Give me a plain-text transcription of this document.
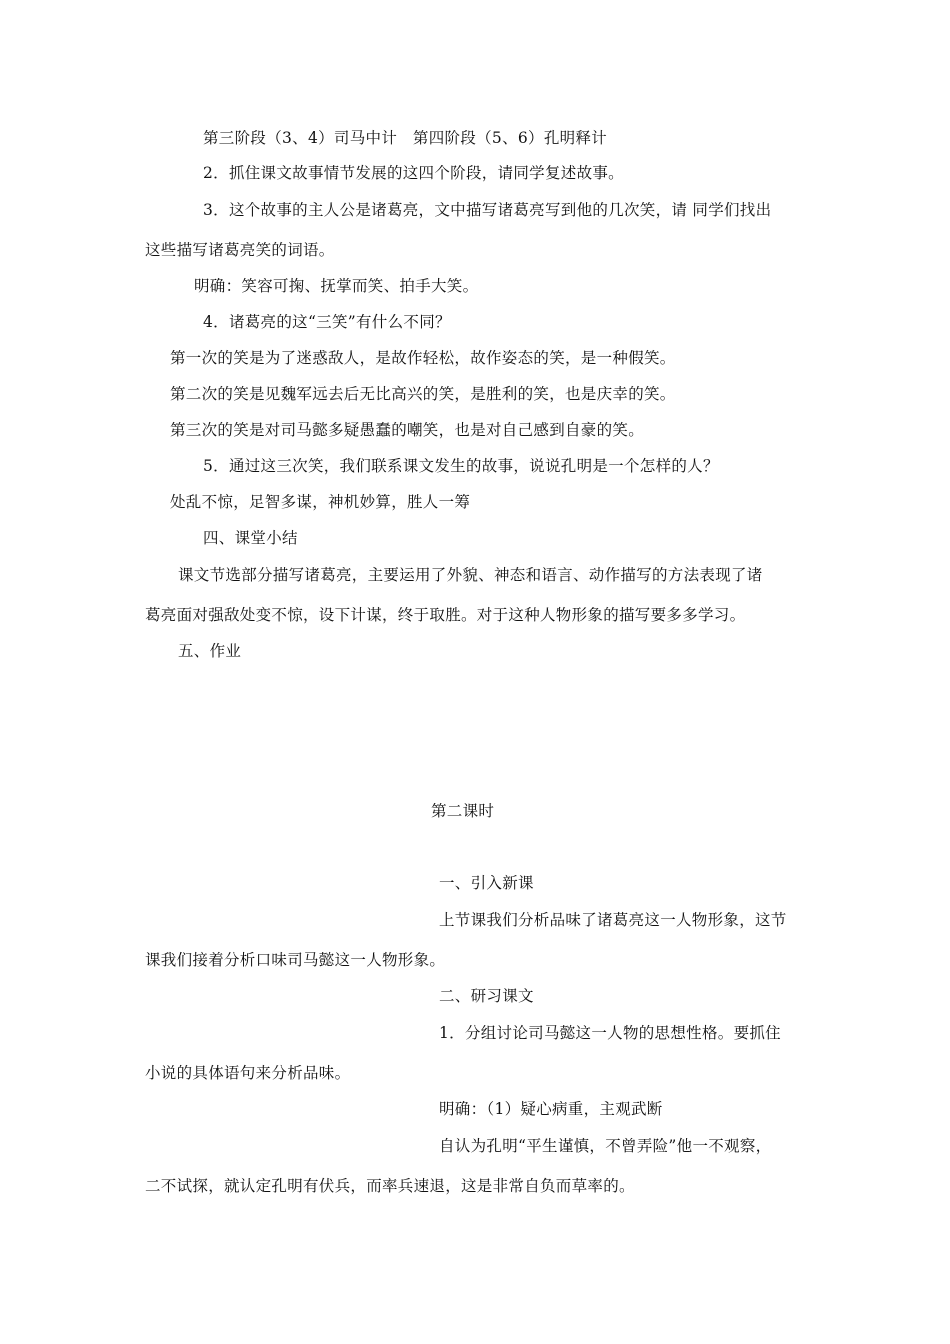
第三阶段（3、4）司马中计　第四阶段（5、6）孔明释计
2．抓住课文故事情节发展的这四个阶段，请同学复述故事。
3．这个故事的主人公是诸葛亮，文中描写诸葛亮写到他的几次笑，请 同学们找出
这些描写诸葛亮笑的词语。
明确：笑容可掬、抚掌而笑、拍手大笑。
4．诸葛亮的这“三笑”有什么不同？
第一次的笑是为了迷惑敌人，是故作轻松，故作姿态的笑，是一种假笑。
第二次的笑是见魏军远去后无比高兴的笑，是胜利的笑，也是庆幸的笑。
第三次的笑是对司马懿多疑愚蠢的嘲笑，也是对自己感到自豪的笑。
5．通过这三次笑，我们联系课文发生的故事，说说孔明是一个怎样的人？
处乱不惊，足智多谋，神机妙算，胜人一筹
四、课堂小结
课文节选部分描写诸葛亮，主要运用了外貌、神态和语言、动作描写的方法表现了诸
葛亮面对强敌处变不惊，设下计谋，终于取胜。对于这种人物形象的描写要多多学习。
五、作业
第二课时
一、引入新课
上节课我们分析品味了诸葛亮这一人物形象，这节
课我们接着分析口味司马懿这一人物形象。
二、研习课文
1．分组讨论司马懿这一人物的思想性格。要抓住
小说的具体语句来分析品味。
明确：（1）疑心病重，主观武断
自认为孔明“平生谨慎，不曾弄险”他一不观察，
二不试探，就认定孔明有伏兵，而率兵速退，这是非常自负而草率的。
